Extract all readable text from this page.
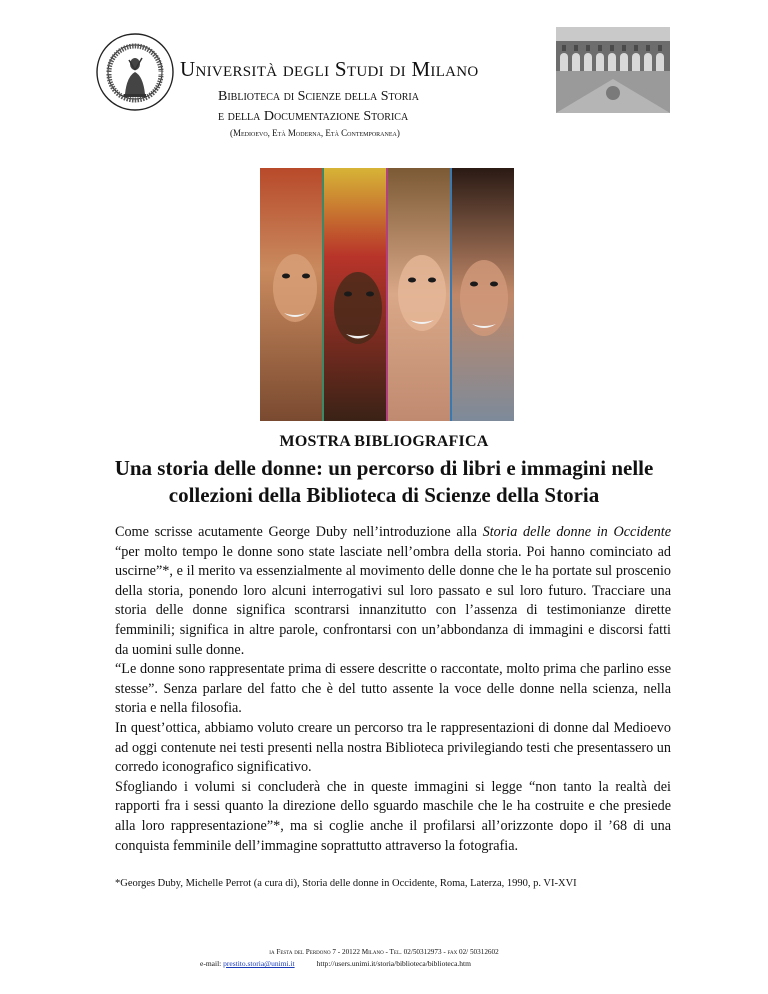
Università degli Studi di Milano
Biblioteca di Scienze della Storia
e della Documentazione Storica
(Medioevo, Età Moderna, Età Contemporanea)
MOSTRA BIBLIOGRAFICA
Una storia delle donne: un percorso di libri e immagini nelle
collezioni della Biblioteca di Scienze della Storia

Come scrisse acutamente George Duby nell’introduzione alla Storia delle donne in Occidente “per molto tempo le donne sono state lasciate nell’ombra della storia. Poi hanno cominciato ad uscirne”*, e il merito va essenzialmente al movimento delle donne che le ha portate sul proscenio della storia, ponendo loro alcuni interrogativi sul loro passato e sul loro futuro. Tracciare una storia delle donne significa scontrarsi innanzitutto con l’assenza di testimonianze dirette femminili; significa in altre parole, confrontarsi con un’abbondanza di immagini e discorsi fatti da uomini sulle donne.

“Le donne sono rappresentate prima di essere descritte o raccontate, molto prima che parlino esse stesse”. Senza parlare del fatto che è del tutto assente la voce delle donne nella scienza, nella storia e nella filosofia.

In quest’ottica, abbiamo voluto creare un percorso tra le rappresentazioni di donne dal Medioevo ad oggi contenute nei testi presenti nella nostra Biblioteca privilegiando testi che presentassero un corredo iconografico significativo.

Sfogliando i volumi si concluderà che in queste immagini si legge “non tanto la realtà dei rapporti fra i sessi quanto la direzione dello sguardo maschile che le ha costruite e che presiede alla loro rappresentazione”*, ma si coglie anche il profilarsi all’orizzonte dopo il ’68 di una conquista femminile dell’immagine soprattutto attraverso la fotografia.

*Georges Duby, Michelle Perrot (a cura di), Storia delle donne in Occidente, Roma, Laterza, 1990, p. VI-XVI
ia Festa del Perdono 7 - 20122 Milano - Tel. 02/50312973 - fax 02/ 50312602
e-mail: prestito.storia@unimi.it	http://users.unimi.it/storia/biblioteca/biblioteca.htm
